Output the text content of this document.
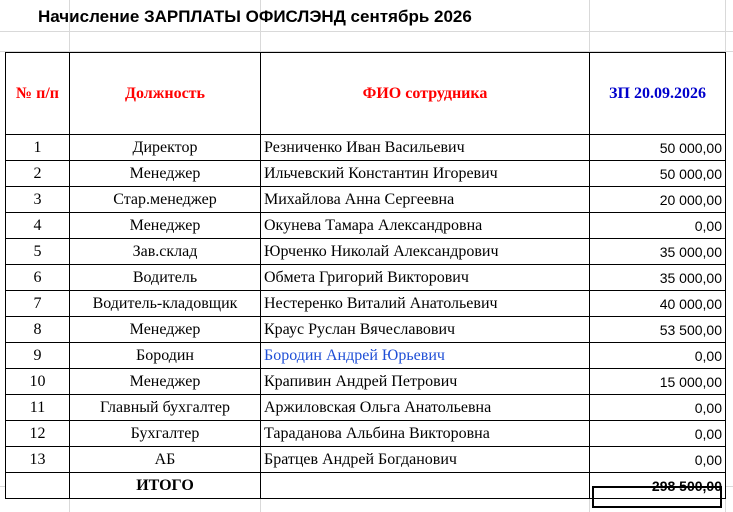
Начисление ЗАРПЛАТЫ ОФИСЛЭНД сентябрь 2026
№ п/п	Должность	ФИО сотрудника	ЗП 20.09.2026
1	Директор	Резниченко Иван Васильевич	50 000,00
2	Менеджер	Ильчевский Константин Игоревич	50 000,00
3	Стар.менеджер	Михайлова Анна Сергеевна	20 000,00
4	Менеджер	Окунева Тамара Александровна	0,00
5	Зав.склад	Юрченко Николай Александрович	35 000,00
6	Водитель	Обмета Григорий Викторович	35 000,00
7	Водитель-кладовщик	Нестеренко Виталий Анатольевич	40 000,00
8	Менеджер	Краус Руслан Вячеславович	53 500,00
9	Бородин	Бородин Андрей Юрьевич	0,00
10	Менеджер	Крапивин Андрей Петрович	15 000,00
11	Главный бухгалтер	Аржиловская Ольга Анатольевна	0,00
12	Бухгалтер	Тараданова Альбина Викторовна	0,00
13	АБ	Братцев Андрей Богданович	0,00
	ИТОГО		298 500,00
